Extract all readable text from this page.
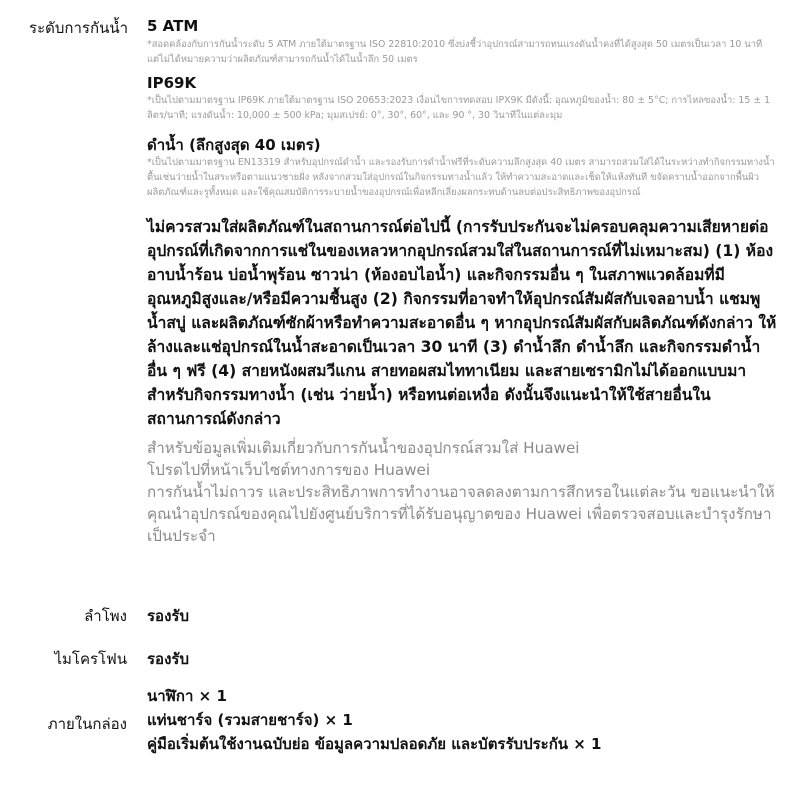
ระดับการกันน้ำ 5 ATM
*สอดคล้องกับการกันน้ำระดับ 5 ATM ภายใต้มาตรฐาน ISO 22810:2010 ซึ่งบ่งชี้ว่าอุปกรณ์สามารถทนแรงดันน้ำคงที่ได้สูงสุด 50 เมตรเป็นเวลา 10 นาที แต่ไม่ได้หมายความว่าผลิตภัณฑ์สามารถกันน้ำได้ในน้ำลึก 50 เมตร
IP69K
*เป็นไปตามมาตรฐาน IP69K ภายใต้มาตรฐาน ISO 20653:2023 เงื่อนไขการทดสอบ IPX9K มีดังนี้: อุณหภูมิของน้ำ: 80 ± 5°C; การไหลของน้ำ: 15 ± 1 ลิตร/นาที; แรงดันน้ำ: 10,000 ± 500 kPa; มุมสเปรย์: 0°, 30°, 60°, และ 90 °, 30 วินาทีในแต่ละมุม
ดำน้ำ (ลึกสูงสุด 40 เมตร)
*เป็นไปตามมาตรฐาน EN13319 สำหรับอุปกรณ์ดำน้ำ และรองรับการดำน้ำฟรีที่ระดับความลึกสูงสุด 40 เมตร สามารถสวมใส่ได้ในระหว่างทำกิจกรรมทางน้ำตื้นเช่นว่ายน้ำในสระหรือตามแนวชายฝั่ง หลังจากสวมใส่อุปกรณ์ในกิจกรรมทางน้ำแล้ว ให้ทำความสะอาดและเช็ดให้แห้งทันที ขจัดคราบน้ำออกจากพื้นผิวผลิตภัณฑ์และรูทั้งหมด และใช้คุณสมบัติการระบายน้ำของอุปกรณ์เพื่อหลีกเลี่ยงผลกระทบด้านลบต่อประสิทธิภาพของอุปกรณ์
ไม่ควรสวมใส่ผลิตภัณฑ์ในสถานการณ์ต่อไปนี้ (การรับประกันจะไม่ครอบคลุมความเสียหายต่ออุปกรณ์ที่เกิดจากการแช่ในของเหลวหากอุปกรณ์สวมใส่ในสถานการณ์ที่ไม่เหมาะสม) (1) ห้องอาบน้ำร้อน บ่อน้ำพุร้อน ซาวน่า (ห้องอบไอน้ำ) และกิจกรรมอื่น ๆ ในสภาพแวดล้อมที่มีอุณหภูมิสูงและ/หรือมีความชื้นสูง (2) กิจกรรมที่อาจทำให้อุปกรณ์สัมผัสกับเจลอาบน้ำ แชมพู น้ำสบู่ และผลิตภัณฑ์ซักผ้าหรือทำความสะอาดอื่น ๆ หากอุปกรณ์สัมผัสกับผลิตภัณฑ์ดังกล่าว ให้ล้างและแช่อุปกรณ์ในน้ำสะอาดเป็นเวลา 30 นาที (3) ดำน้ำลึก ดำน้ำลึก และกิจกรรมดำน้ำอื่น ๆ ฟรี (4) สายหนังผสมวีแกน สายทอผสมไททาเนียม และสายเซรามิกไม่ได้ออกแบบมาสำหรับกิจกรรมทางน้ำ (เช่น ว่ายน้ำ) หรือทนต่อเหงื่อ ดังนั้นจึงแนะนำให้ใช้สายอื่นในสถานการณ์ดังกล่าว
สำหรับข้อมูลเพิ่มเติมเกี่ยวกับการกันน้ำของอุปกรณ์สวมใส่ Huawei
โปรดไปที่หน้าเว็บไซต์ทางการของ Huawei
การกันน้ำไม่ถาวร และประสิทธิภาพการทำงานอาจลดลงตามการสึกหรอในแต่ละวัน ขอแนะนำให้คุณนำอุปกรณ์ของคุณไปยังศูนย์บริการที่ได้รับอนุญาตของ Huawei เพื่อตรวจสอบและบำรุงรักษาเป็นประจำ
ลำโพง รองรับ
ไมโครโฟน รองรับ
ภายในกล่อง
นาฬิกา × 1
แท่นชาร์จ (รวมสายชาร์จ) × 1
คู่มือเริ่มต้นใช้งานฉบับย่อ ข้อมูลความปลอดภัย และบัตรรับประกัน × 1
